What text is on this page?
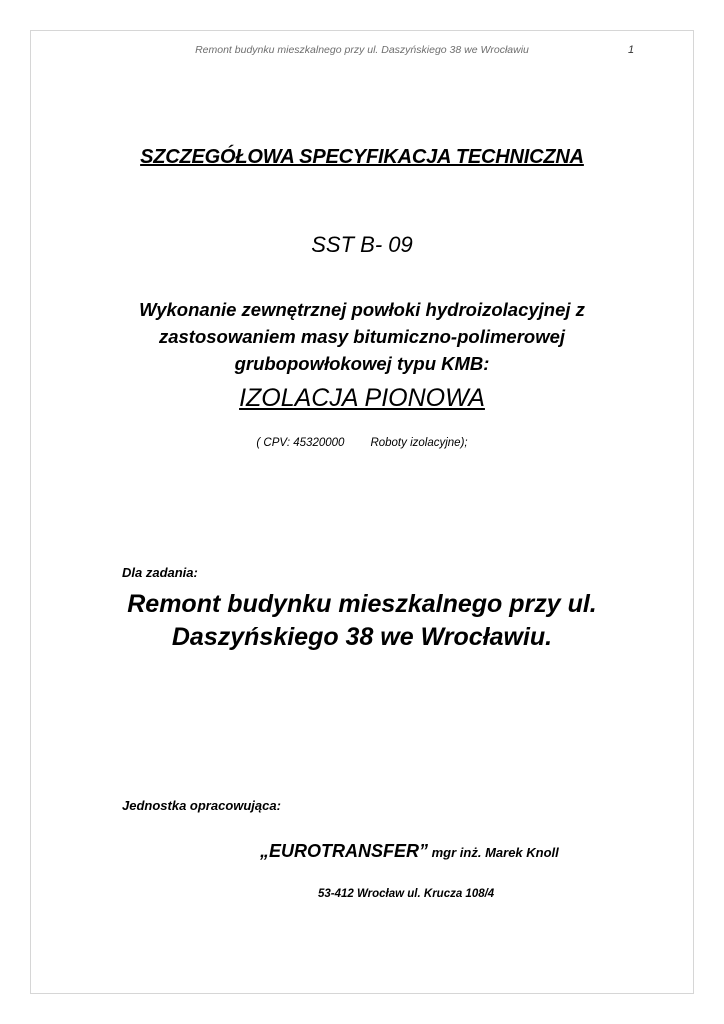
Remont budynku mieszkalnego przy ul. Daszyńskiego 38 we Wrocławiu	1
SZCZEGÓŁOWA SPECYFIKACJA TECHNICZNA
SST B- 09
Wykonanie zewnętrznej powłoki hydroizolacyjnej z
zastosowaniem masy bitumiczno-polimerowej
grubopowłokowej typu KMB:
IZOLACJA PIONOWA
( CPV: 45320000 Roboty izolacyjne);
Dla zadania:
Remont budynku mieszkalnego przy ul.
Daszyńskiego 38 we Wrocławiu.
Jednostka opracowująca:
„EUROTRANSFER” mgr inż. Marek Knoll
53-412 Wrocław ul. Krucza 108/4
